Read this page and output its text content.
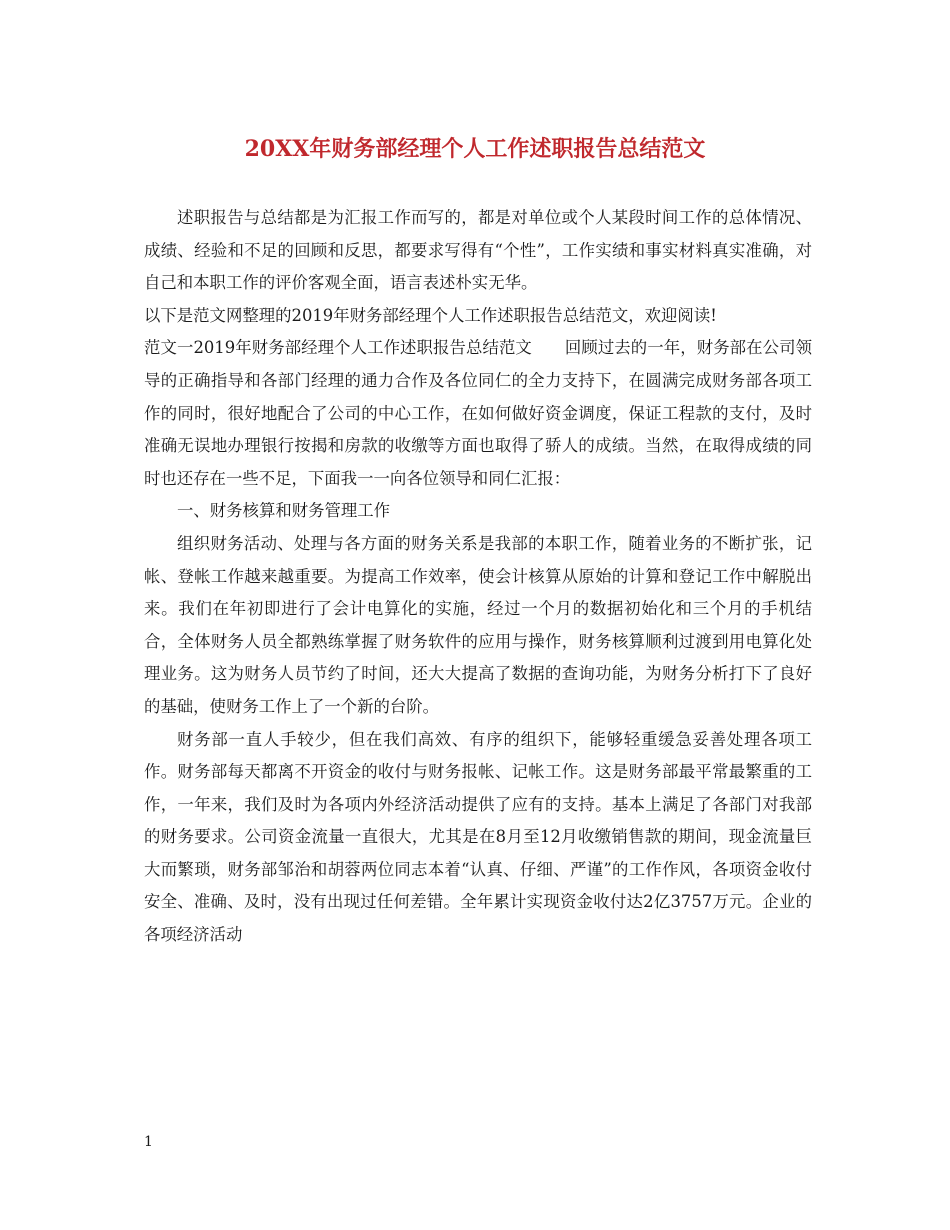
20XX年财务部经理个人工作述职报告总结范文

述职报告与总结都是为汇报工作而写的，都是对单位或个人某段时间工作的总体情况、成绩、经验和不足的回顾和反思，都要求写得有“个性”，工作实绩和事实材料真实准确，对自己和本职工作的评价客观全面，语言表述朴实无华。

以下是范文网整理的2019年财务部经理个人工作述职报告总结范文，欢迎阅读!

范文一2019年财务部经理个人工作述职报告总结范文　　回顾过去的一年，财务部在公司领导的正确指导和各部门经理的通力合作及各位同仁的全力支持下，在圆满完成财务部各项工作的同时，很好地配合了公司的中心工作，在如何做好资金调度，保证工程款的支付，及时准确无误地办理银行按揭和房款的收缴等方面也取得了骄人的成绩。当然，在取得成绩的同时也还存在一些不足，下面我一一向各位领导和同仁汇报：

一、财务核算和财务管理工作

组织财务活动、处理与各方面的财务关系是我部的本职工作，随着业务的不断扩张，记帐、登帐工作越来越重要。为提高工作效率，使会计核算从原始的计算和登记工作中解脱出来。我们在年初即进行了会计电算化的实施，经过一个月的数据初始化和三个月的手机结合，全体财务人员全都熟练掌握了财务软件的应用与操作，财务核算顺利过渡到用电算化处理业务。这为财务人员节约了时间，还大大提高了数据的查询功能，为财务分析打下了良好的基础，使财务工作上了一个新的台阶。

财务部一直人手较少，但在我们高效、有序的组织下，能够轻重缓急妥善处理各项工作。财务部每天都离不开资金的收付与财务报帐、记帐工作。这是财务部最平常最繁重的工作，一年来，我们及时为各项内外经济活动提供了应有的支持。基本上满足了各部门对我部的财务要求。公司资金流量一直很大，尤其是在8月至12月收缴销售款的期间，现金流量巨大而繁琐，财务部邹治和胡蓉两位同志本着“认真、仔细、严谨”的工作作风，各项资金收付安全、准确、及时，没有出现过任何差错。全年累计实现资金收付达2亿3757万元。企业的各项经济活动

1
